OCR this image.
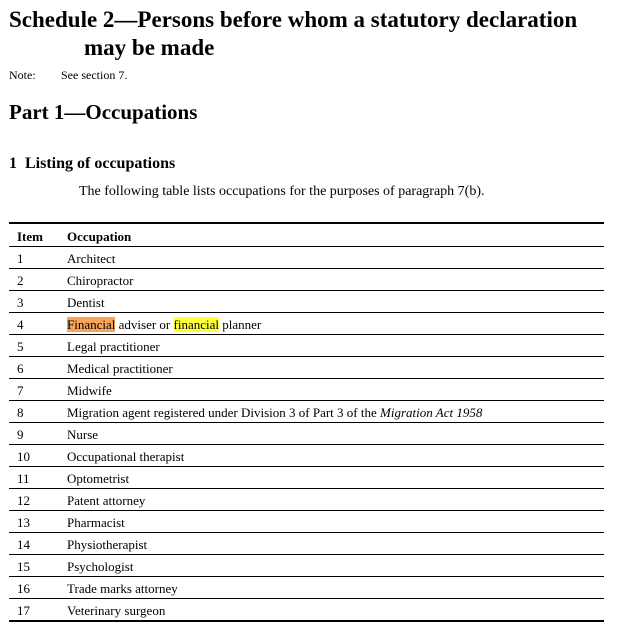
Schedule 2—Persons before whom a statutory declaration
may be made
Note: See section 7.
Part 1—Occupations
1 Listing of occupations
The following table lists occupations for the purposes of paragraph 7(b).
Item	Occupation
1	Architect
2	Chiropractor
3	Dentist
4	Financial adviser or financial planner
5	Legal practitioner
6	Medical practitioner
7	Midwife
8	Migration agent registered under Division 3 of Part 3 of the Migration Act 1958
9	Nurse
10	Occupational therapist
11	Optometrist
12	Patent attorney
13	Pharmacist
14	Physiotherapist
15	Psychologist
16	Trade marks attorney
17	Veterinary surgeon
